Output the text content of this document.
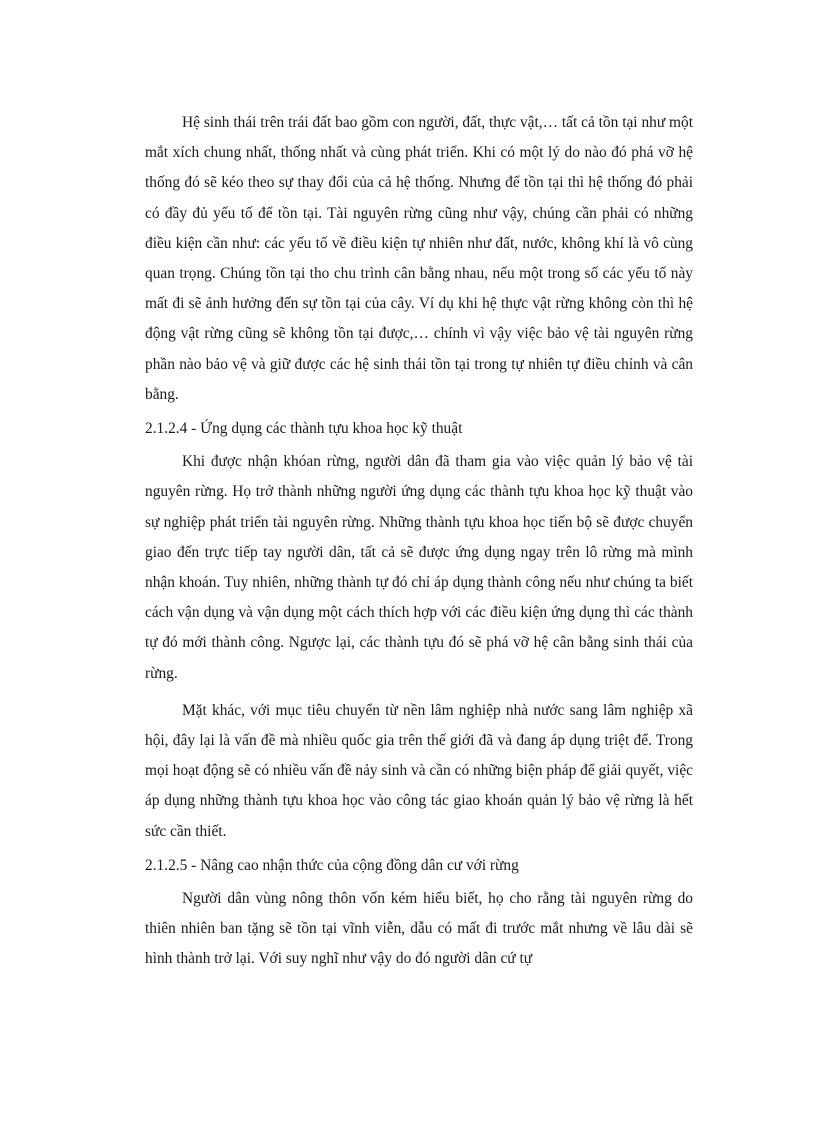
Hệ sinh thái trên trái đất bao gồm con người, đất, thực vật,… tất cả tồn tại như một mắt xích chung nhất, thống nhất và cùng phát triển. Khi có một lý do nào đó phá vỡ hệ thống đó sẽ kéo theo sự thay đổi của cả hệ thống. Nhưng để tồn tại thì hệ thống đó phải có đầy đủ yếu tố để tồn tại. Tài nguyên rừng cũng như vậy, chúng cần phải có những điều kiện cần như: các yếu tố về điều kiện tự nhiên như đất, nước, không khí là vô cùng quan trọng. Chúng tồn tại tho chu trình cân bằng nhau, nếu một trong số các yếu tố này mất đi sẽ ảnh hưởng đến sự tồn tại của cây. Ví dụ khi hệ thực vật rừng không còn thì hệ động vật rừng cũng sẽ không tồn tại được,… chính vì vậy việc bảo vệ tài nguyên rừng phần nào bảo vệ và giữ được các hệ sinh thái tồn tại trong tự nhiên tự điều chỉnh và cân bằng.

2.1.2.4 - Ứng dụng các thành tựu khoa học kỹ thuật

Khi được nhận khóan rừng, người dân đã tham gia vào việc quản lý bảo vệ tài nguyên rừng. Họ trở thành những người ứng dụng các thành tựu khoa học kỹ thuật vào sự nghiệp phát triển tài nguyên rừng. Những thành tựu khoa học tiến bộ sẽ được chuyển giao đến trực tiếp tay người dân, tất cả sẽ được ứng dụng ngay trên lô rừng mà mình nhận khoán. Tuy nhiên, những thành tự đó chỉ áp dụng thành công nếu như chúng ta biết cách vận dụng và vận dụng một cách thích hợp với các điều kiện ứng dụng thì các thành tự đó mới thành công. Ngược lại, các thành tựu đó sẽ phá vỡ hệ cân bằng sinh thái của rừng.

Mặt khác, với mục tiêu chuyển từ nền lâm nghiệp nhà nước sang lâm nghiệp xã hội, đây lại là vấn đề mà nhiều quốc gia trên thế giới đã và đang áp dụng triệt để. Trong mọi hoạt động sẽ có nhiều vấn đề nảy sinh và cần có những biện pháp để giải quyết, việc áp dụng những thành tựu khoa học vào công tác giao khoán quản lý bảo vệ rừng là hết sức cần thiết.

2.1.2.5 - Nâng cao nhận thức của cộng đồng dân cư với rừng

Người dân vùng nông thôn vốn kém hiểu biết, họ cho rằng tài nguyên rừng do thiên nhiên ban tặng sẽ tồn tại vĩnh viễn, dẫu có mất đi trước mắt nhưng về lâu dài sẽ hình thành trở lại. Với suy nghĩ như vậy do đó người dân cứ tự
